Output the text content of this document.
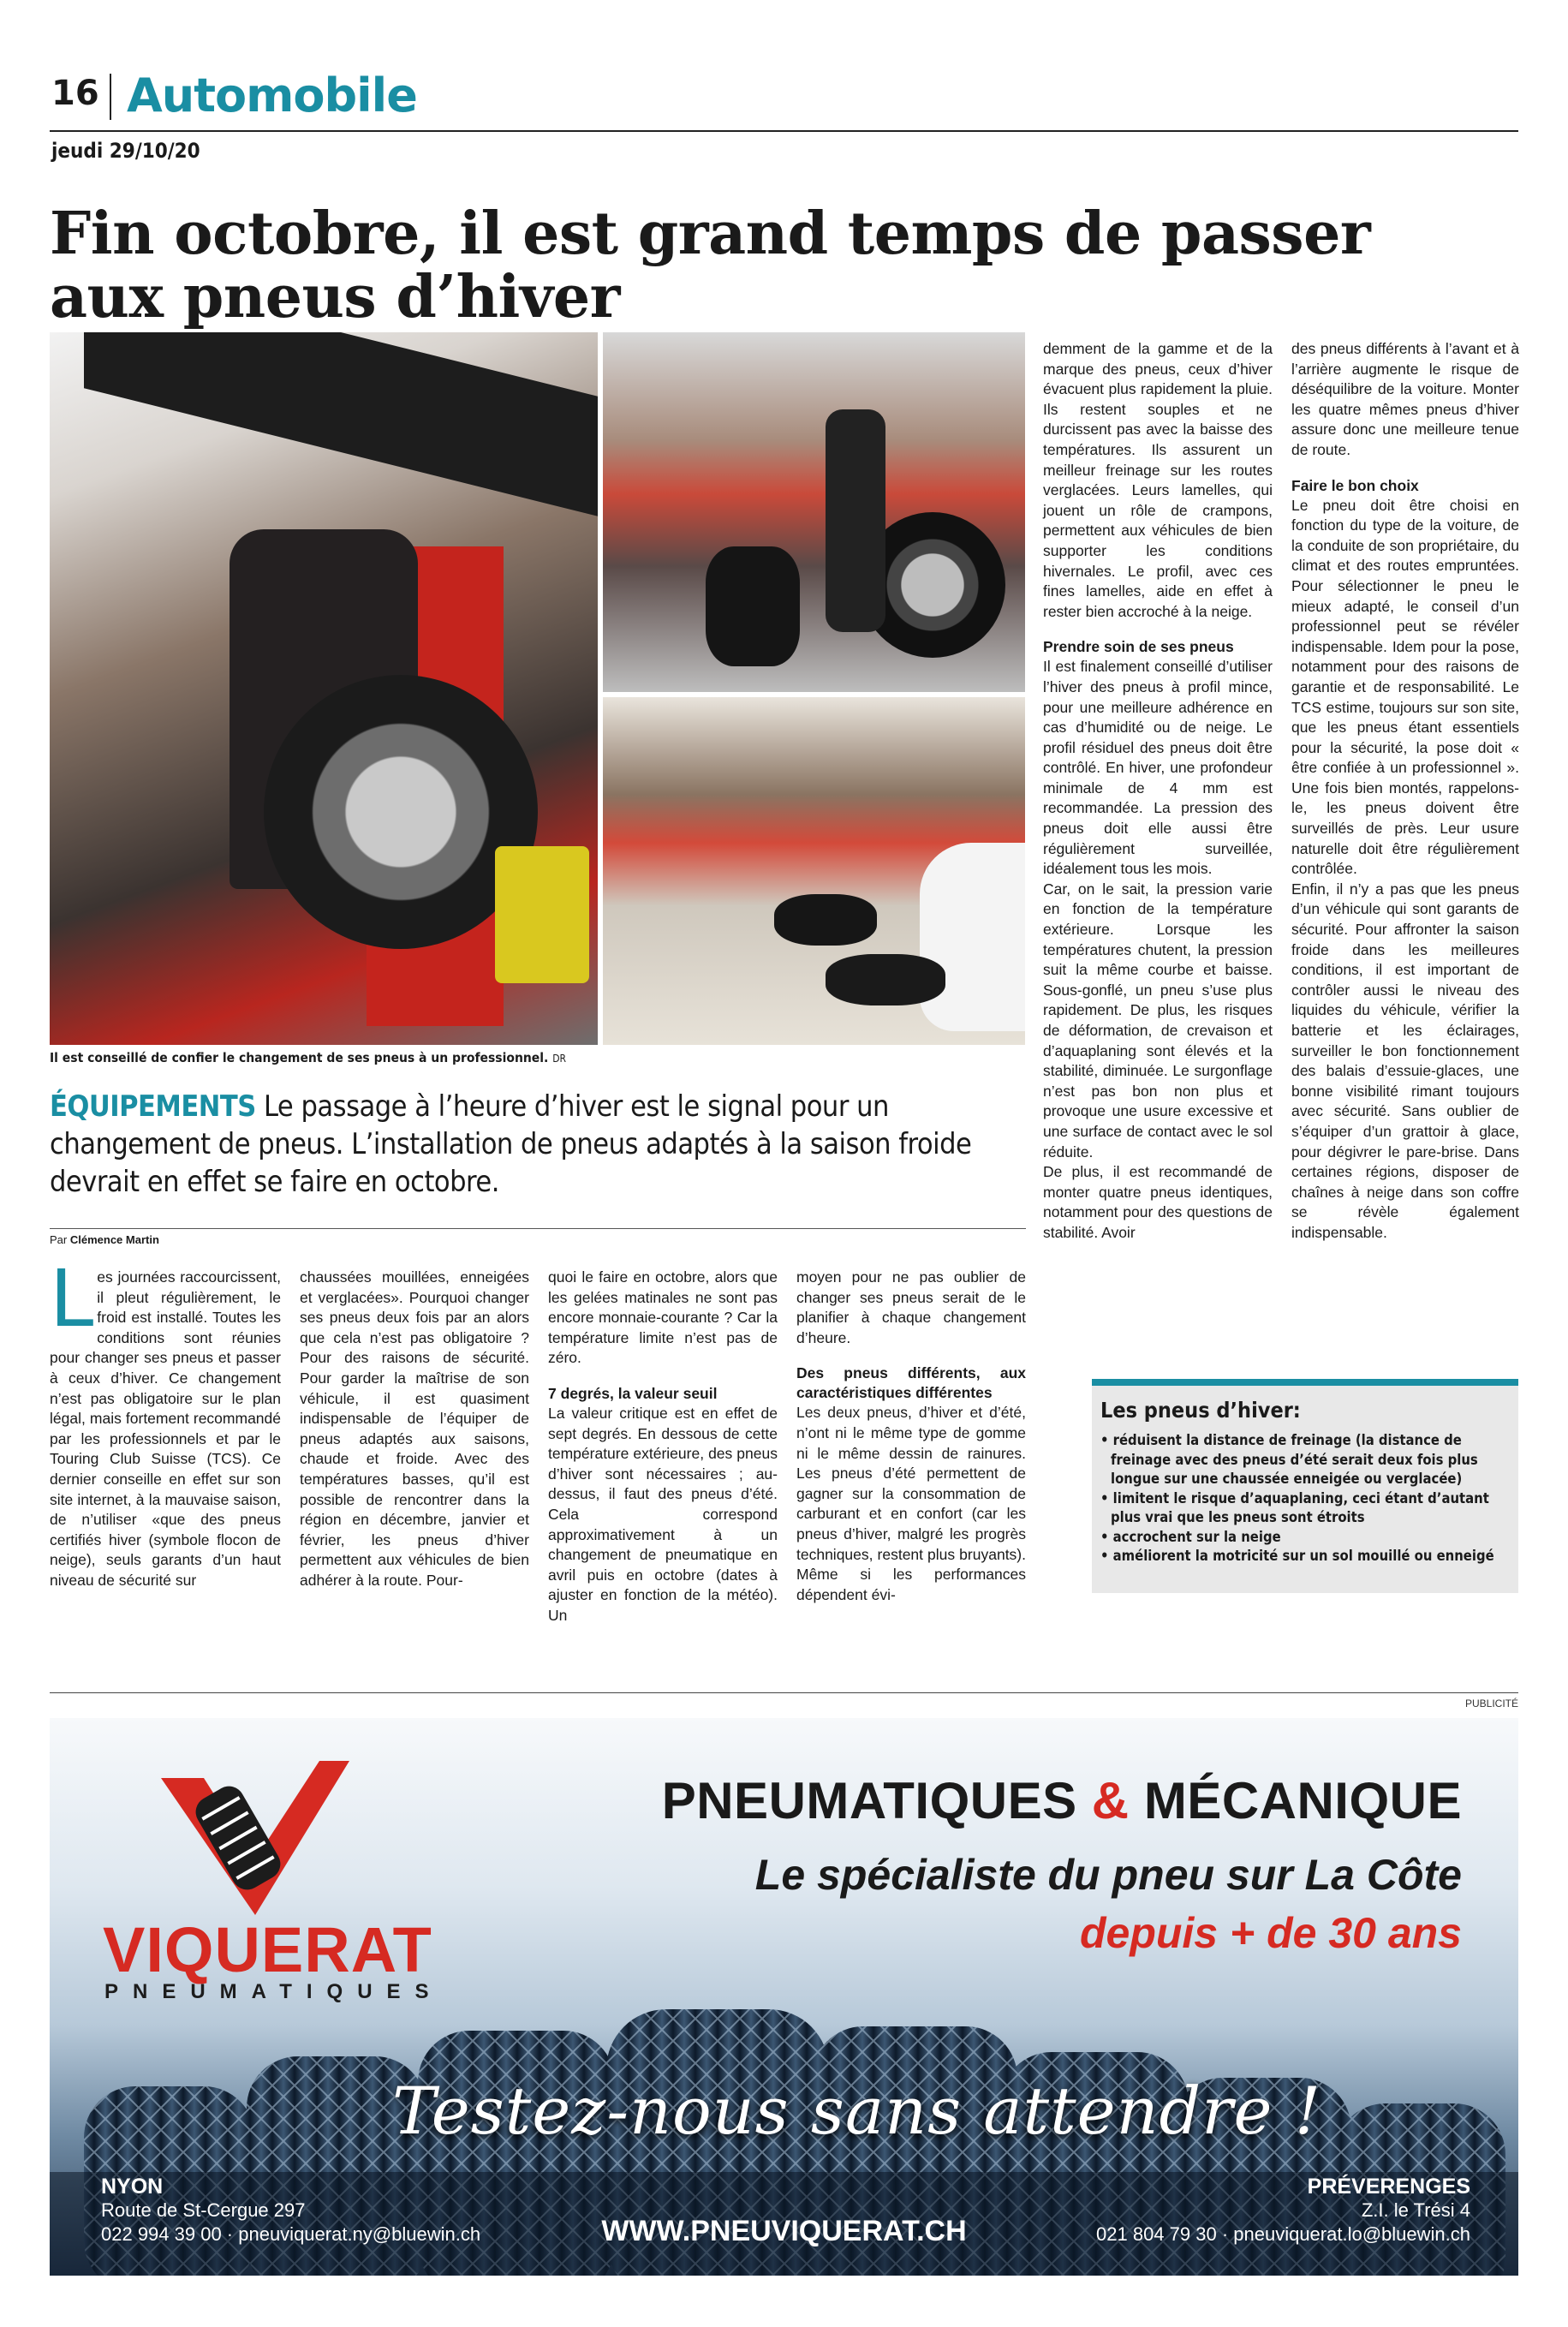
16 Automobile
jeudi 29/10/20
Fin octobre, il est grand temps de passer
aux pneus d’hiver
Il est conseillé de confier le changement de ses pneus à un professionnel. DR
ÉQUIPEMENTS Le passage à l’heure d’hiver est le signal pour un changement de pneus. L’installation de pneus adaptés à la saison froide devrait en effet se faire en octobre.
Par Clémence Martin
L es journées raccourcissent, il pleut régulièrement, le froid est installé. Toutes les conditions sont réunies pour changer ses pneus et passer à ceux d’hiver. Ce changement n’est pas obligatoire sur le plan légal, mais fortement recommandé par les professionnels et par le Touring Club Suisse (TCS). Ce dernier conseille en effet sur son site internet, à la mauvaise saison, de n’utiliser «que des pneus certifiés hiver (symbole flocon de neige), seuls garants d’un haut niveau de sécurité sur

chaussées mouillées, enneigées et verglacées». Pourquoi changer ses pneus deux fois par an alors que cela n’est pas obligatoire ? Pour des raisons de sécurité. Pour garder la maîtrise de son véhicule, il est quasiment indispensable de l’équiper de pneus adaptés aux saisons, chaude et froide. Avec des températures basses, qu’il est possible de rencontrer dans la région en décembre, janvier et février, les pneus d’hiver permettent aux véhicules de bien adhérer à la route. Pour-

quoi le faire en octobre, alors que les gelées matinales ne sont pas encore monnaie-courante ? Car la température limite n’est pas de zéro.

7 degrés, la valeur seuil

La valeur critique est en effet de sept degrés. En dessous de cette température extérieure, des pneus d’hiver sont nécessaires ; au-dessus, il faut des pneus d’été. Cela correspond approximativement à un changement de pneumatique en avril puis en octobre (dates à ajuster en fonction de la météo). Un

moyen pour ne pas oublier de changer ses pneus serait de le planifier à chaque changement d’heure.

Des pneus différents, aux caractéristiques différentes

Les deux pneus, d’hiver et d’été, n’ont ni le même type de gomme ni le même dessin de rainures. Les pneus d’été permettent de gagner sur la consommation de carburant et en confort (car les pneus d’hiver, malgré les progrès techniques, restent plus bruyants). Même si les performances dépendent évi-

demment de la gamme et de la marque des pneus, ceux d’hiver évacuent plus rapidement la pluie. Ils restent souples et ne durcissent pas avec la baisse des températures. Ils assurent un meilleur freinage sur les routes verglacées. Leurs lamelles, qui jouent un rôle de crampons, permettent aux véhicules de bien supporter les conditions hivernales. Le profil, avec ces fines lamelles, aide en effet à rester bien accroché à la neige.

Prendre soin de ses pneus

Il est finalement conseillé d’utiliser l’hiver des pneus à profil mince, pour une meilleure adhérence en cas d’humidité ou de neige. Le profil résiduel des pneus doit être contrôlé. En hiver, une profondeur minimale de 4 mm est recommandée. La pression des pneus doit elle aussi être régulièrement surveillée, idéalement tous les mois.

Car, on le sait, la pression varie en fonction de la température extérieure. Lorsque les températures chutent, la pression suit la même courbe et baisse. Sous-gonflé, un pneu s’use plus rapidement. De plus, les risques de déformation, de crevaison et d’aquaplaning sont élevés et la stabilité, diminuée. Le surgonflage n’est pas bon non plus et provoque une usure excessive et une surface de contact avec le sol réduite.

De plus, il est recommandé de monter quatre pneus identiques, notamment pour des questions de stabilité. Avoir

des pneus différents à l’avant et à l’arrière augmente le risque de déséquilibre de la voiture. Monter les quatre mêmes pneus d’hiver assure donc une meilleure tenue de route.

Faire le bon choix

Le pneu doit être choisi en fonction du type de la voiture, de la conduite de son propriétaire, du climat et des routes empruntées. Pour sélectionner le pneu le mieux adapté, le conseil d’un professionnel peut se révéler indispensable. Idem pour la pose, notamment pour des raisons de garantie et de responsabilité. Le TCS estime, toujours sur son site, que les pneus étant essentiels pour la sécurité, la pose doit « être confiée à un professionnel ». Une fois bien montés, rappelons-le, les pneus doivent être surveillés de près. Leur usure naturelle doit être régulièrement contrôlée.

Enfin, il n’y a pas que les pneus d’un véhicule qui sont garants de sécurité. Pour affronter la saison froide dans les meilleures conditions, il est important de contrôler aussi le niveau des liquides du véhicule, vérifier la batterie et les éclairages, surveiller le bon fonctionnement des balais d’essuie-glaces, une bonne visibilité rimant toujours avec sécurité. Sans oublier de s’équiper d’un grattoir à glace, pour dégivrer le pare-brise. Dans certaines régions, disposer de chaînes à neige dans son coffre se révèle également indispensable.

Les pneus d’hiver:
• réduisent la distance de freinage (la distance de freinage avec des pneus d’été serait deux fois plus longue sur une chaussée enneigée ou verglacée)
• limitent le risque d’aquaplaning, ceci étant d’autant plus vrai que les pneus sont étroits
• accrochent sur la neige
• améliorent la motricité sur un sol mouillé ou enneigé
PUBLICITÉ
VIQUERAT
PNEUMATIQUES
PNEUMATIQUES & MÉCANIQUE
Le spécialiste du pneu sur La Côte
depuis + de 30 ans
Testez-nous sans attendre !
NYON
Route de St-Cergue 297
022 994 39 00 · pneuviquerat.ny@bluewin.ch	WWW.PNEUVIQUERAT.CH
PRÉVERENGES
Z.I. le Trési 4
021 804 79 30 · pneuviquerat.lo@bluewin.ch
